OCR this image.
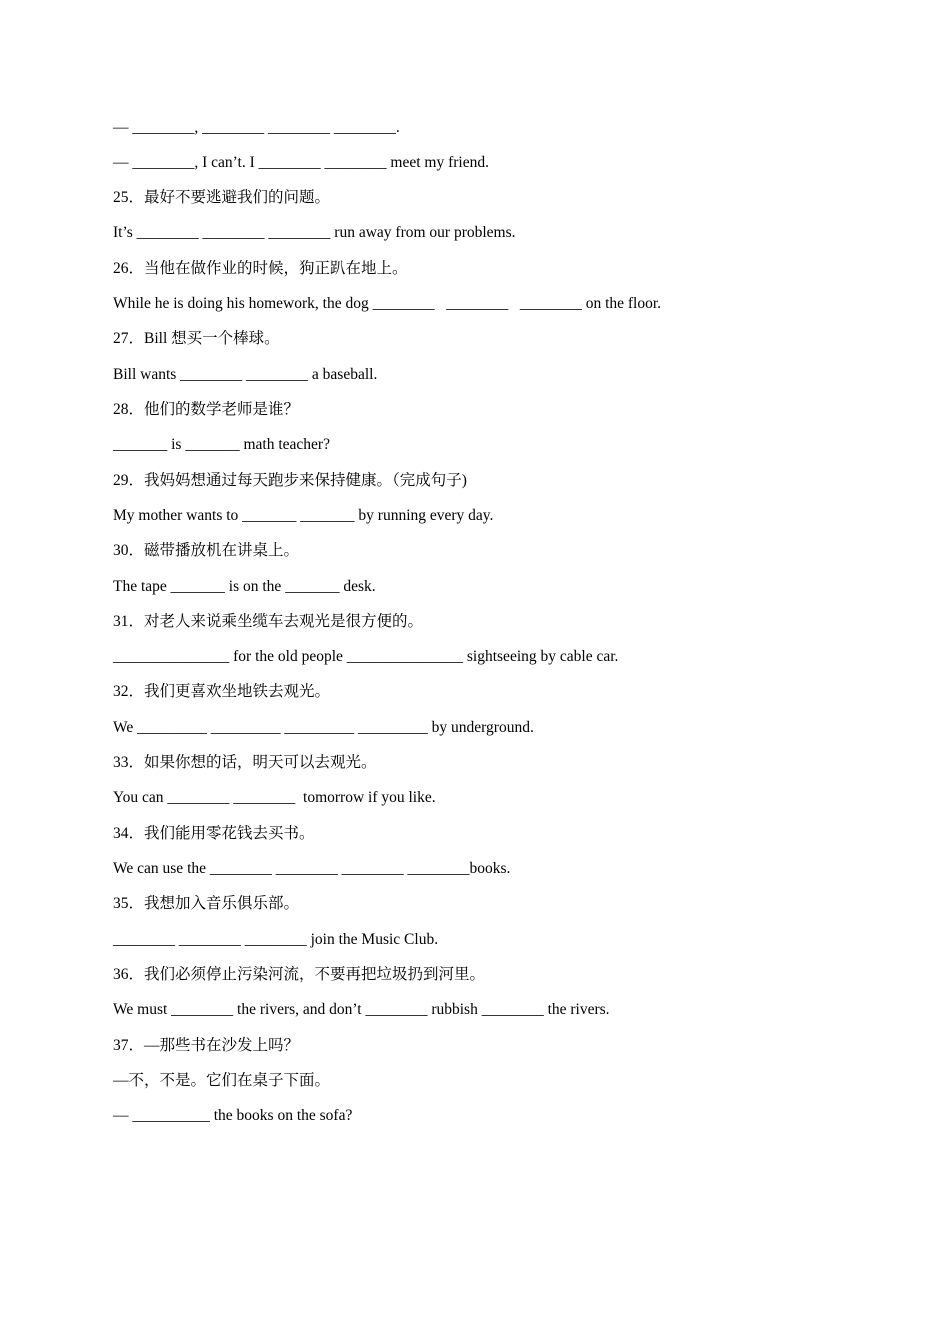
— ________, ________ ________ ________.
— ________, I can’t. I ________ ________ meet my friend.
25．最好不要逃避我们的问题。
It’s ________ ________ ________ run away from our problems.
26．当他在做作业的时候，狗正趴在地上。
While he is doing his homework, the dog ________   ________   ________ on the floor.
27．Bill 想买一个棒球。
Bill wants ________ ________ a baseball.
28．他们的数学老师是谁？
_______ is _______ math teacher?
29．我妈妈想通过每天跑步来保持健康。（完成句子)
My mother wants to _______ _______ by running every day.
30．磁带播放机在讲桌上。
The tape _______ is on the _______ desk.
31．对老人来说乘坐缆车去观光是很方便的。
_______________ for the old people _______________ sightseeing by cable car.
32．我们更喜欢坐地铁去观光。
We _________ _________ _________ _________ by underground.
33．如果你想的话，明天可以去观光。
You can ________ ________  tomorrow if you like.
34．我们能用零花钱去买书。
We can use the ________ ________ ________ ________books.
35．我想加入音乐俱乐部。
________ ________ ________ join the Music Club.
36．我们必须停止污染河流，不要再把垃圾扔到河里。
We must ________ the rivers, and don’t ________ rubbish ________ the rivers.
37．—那些书在沙发上吗？
—不，不是。它们在桌子下面。
— __________ the books on the sofa?
